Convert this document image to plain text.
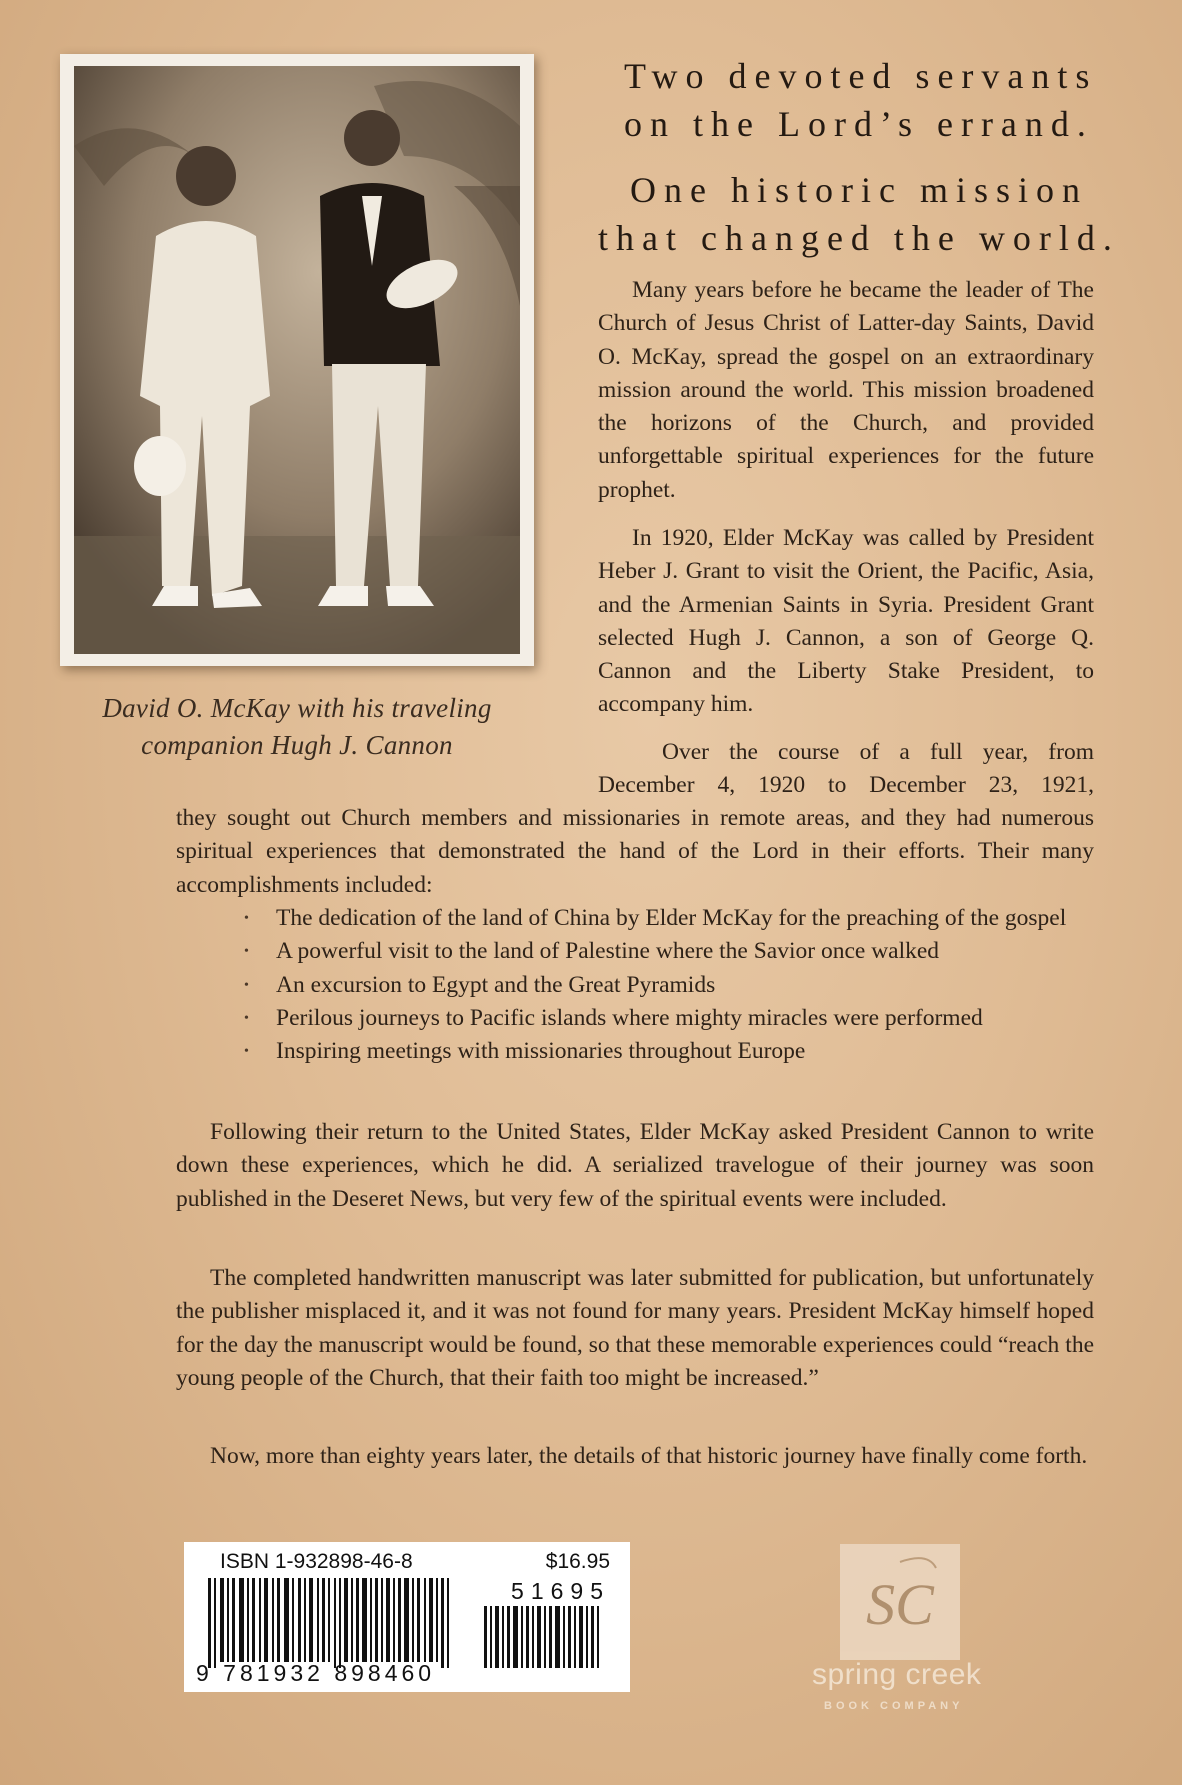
David O. McKay with his traveling
companion Hugh J. Cannon
Two devoted servants
on the Lord’s errand.
One historic mission
that changed the world.

Many years before he became the leader of The Church of Jesus Christ of Latter-day Saints, David O. McKay, spread the gospel on an extraordinary mission around the world. This mission broadened the horizons of the Church, and provided unforgettable spiritual experiences for the future prophet.

In 1920, Elder McKay was called by President Heber J. Grant to visit the Orient, the Pacific, Asia, and the Armenian Saints in Syria. President Grant selected Hugh J. Cannon, a son of George Q. Cannon and the Liberty Stake President, to accompany him.

Over the course of a full year, from December 4, 1920 to December 23, 1921,

they sought out Church members and missionaries in remote areas, and they had numerous spiritual experiences that demonstrated the hand of the Lord in their efforts. Their many accomplishments included:

• The dedication of the land of China by Elder McKay for the preaching of the gospel
• A powerful visit to the land of Palestine where the Savior once walked
• An excursion to Egypt and the Great Pyramids
• Perilous journeys to Pacific islands where mighty miracles were performed
• Inspiring meetings with missionaries throughout Europe

Following their return to the United States, Elder McKay asked President Cannon to write down these experiences, which he did. A serialized travelogue of their journey was soon published in the Deseret News, but very few of the spiritual events were included.

The completed handwritten manuscript was later submitted for publication, but unfortunately the publisher misplaced it, and it was not found for many years. President McKay himself hoped for the day the manuscript would be found, so that these memorable experiences could “reach the young people of the Church, that their faith too might be increased.”

Now, more than eighty years later, the details of that historic journey have finally come forth.

ISBN 1-932898-46-8	$16.95
51695
9 781932 898460
SC
spring creek
BOOK COMPANY
